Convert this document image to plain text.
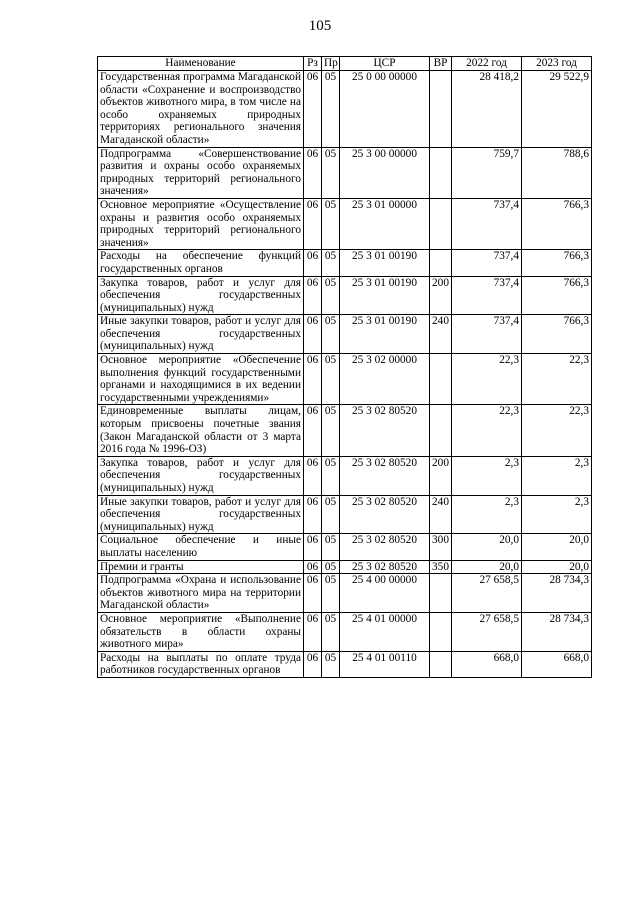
105
Наименование	Рз	Пр	ЦСР	ВР	2022 год	2023 год
Государственная программа Магаданской области «Сохранение и воспроизводство объектов животного мира, в том числе на особо охраняемых природных территориях регионального значения Магаданской области»	06	05	25 0 00 00000		28 418,2	29 522,9
Подпрограмма «Совершенствование развития и охраны особо охраняемых природных территорий регионального значения»	06	05	25 3 00 00000		759,7	788,6
Основное мероприятие «Осуществление охраны и развития особо охраняемых природных территорий регионального значения»	06	05	25 3 01 00000		737,4	766,3
Расходы на обеспечение функций государственных органов	06	05	25 3 01 00190		737,4	766,3
Закупка товаров, работ и услуг для обеспечения государственных (муниципальных) нужд	06	05	25 3 01 00190	200	737,4	766,3
Иные закупки товаров, работ и услуг для обеспечения государственных (муниципальных) нужд	06	05	25 3 01 00190	240	737,4	766,3
Основное мероприятие «Обеспечение выполнения функций государственными органами и находящимися в их ведении государственными учреждениями»	06	05	25 3 02 00000		22,3	22,3
Единовременные выплаты лицам, которым присвоены почетные звания (Закон Магаданской области от 3 марта 2016 года № 1996-ОЗ)	06	05	25 3 02 80520		22,3	22,3
Закупка товаров, работ и услуг для обеспечения государственных (муниципальных) нужд	06	05	25 3 02 80520	200	2,3	2,3
Иные закупки товаров, работ и услуг для обеспечения государственных (муниципальных) нужд	06	05	25 3 02 80520	240	2,3	2,3
Социальное обеспечение и иные выплаты населению	06	05	25 3 02 80520	300	20,0	20,0
Премии и гранты	06	05	25 3 02 80520	350	20,0	20,0
Подпрограмма «Охрана и использование объектов животного мира на территории Магаданской области»	06	05	25 4 00 00000		27 658,5	28 734,3
Основное мероприятие «Выполнение обязательств в области охраны животного мира»	06	05	25 4 01 00000		27 658,5	28 734,3
Расходы на выплаты по оплате труда работников государственных органов	06	05	25 4 01 00110		668,0	668,0
